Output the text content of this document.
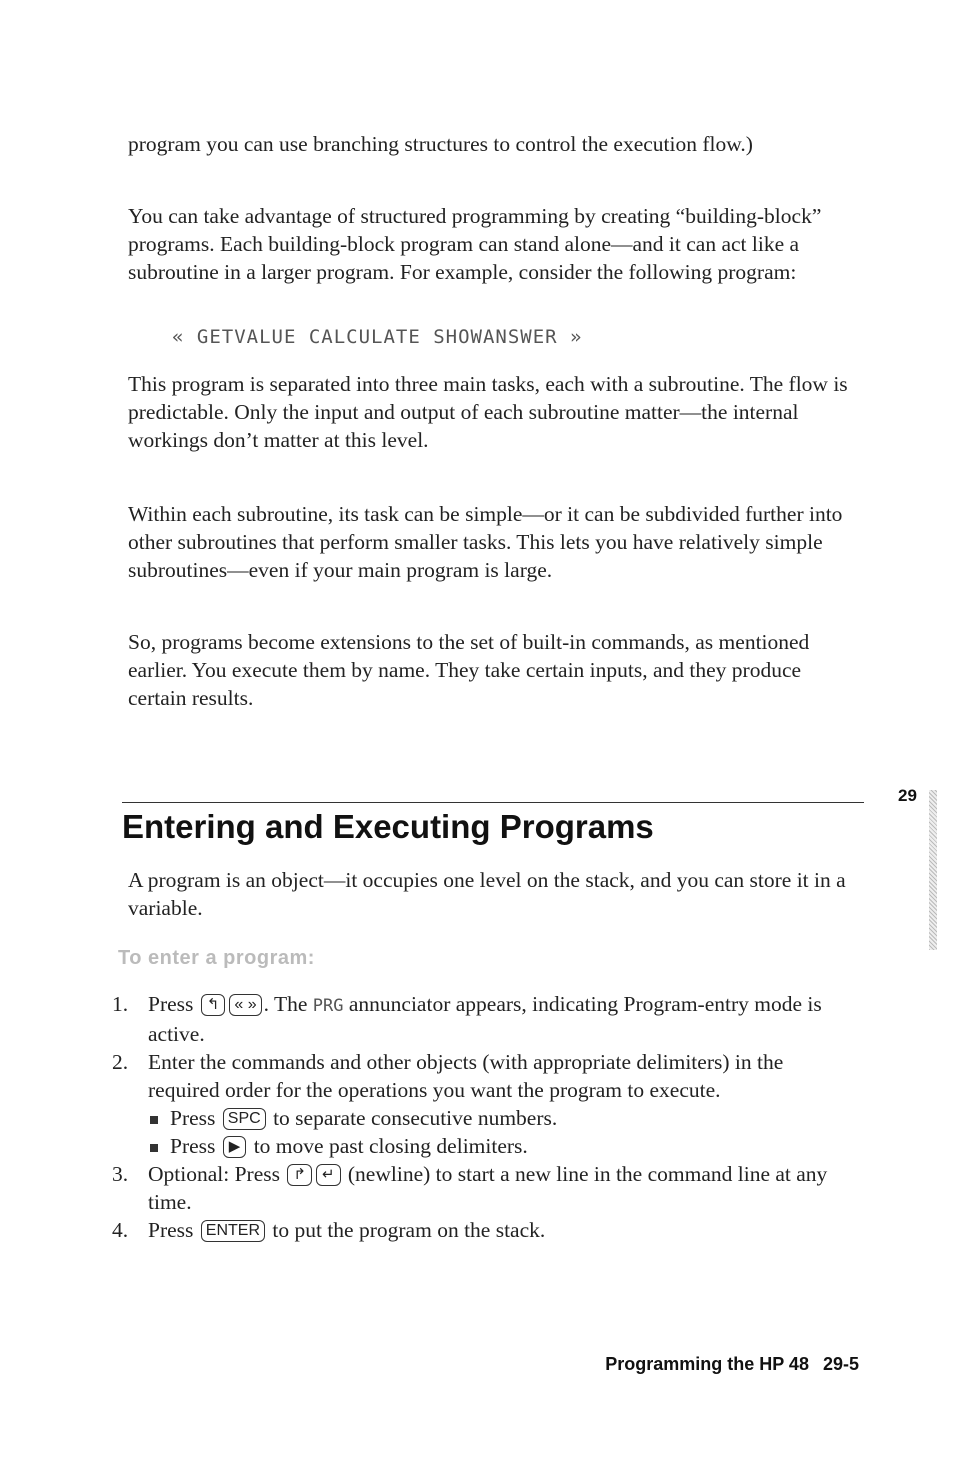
program you can use branching structures to control the execution flow.)

You can take advantage of structured programming by creating “building-block” programs. Each building-block program can stand alone—and it can act like a subroutine in a larger program. For example, consider the following program:

« GETVALUE CALCULATE SHOWANSWER »

This program is separated into three main tasks, each with a subroutine. The flow is predictable. Only the input and output of each subroutine matter—the internal workings don’t matter at this level.

Within each subroutine, its task can be simple—or it can be subdivided further into other subroutines that perform smaller tasks. This lets you have relatively simple subroutines—even if your main program is large.

So, programs become extensions to the set of built-in commands, as mentioned earlier. You execute them by name. They take certain inputs, and they produce certain results.

29
Entering and Executing Programs

A program is an object—it occupies one level on the stack, and you can store it in a variable.

To enter a program:
1. Press ↰ « » . The PRG annunciator appears, indicating Program-entry mode is active.
2. Enter the commands and other objects (with appropriate delimiters) in the required order for the operations you want the program to execute.
Press SPC to separate consecutive numbers.
Press ▶ to move past closing delimiters.
3. Optional: Press ↱ ↵ (newline) to start a new line in the command line at any time.
4. Press ENTER to put the program on the stack.
Programming the HP 48 29-5
